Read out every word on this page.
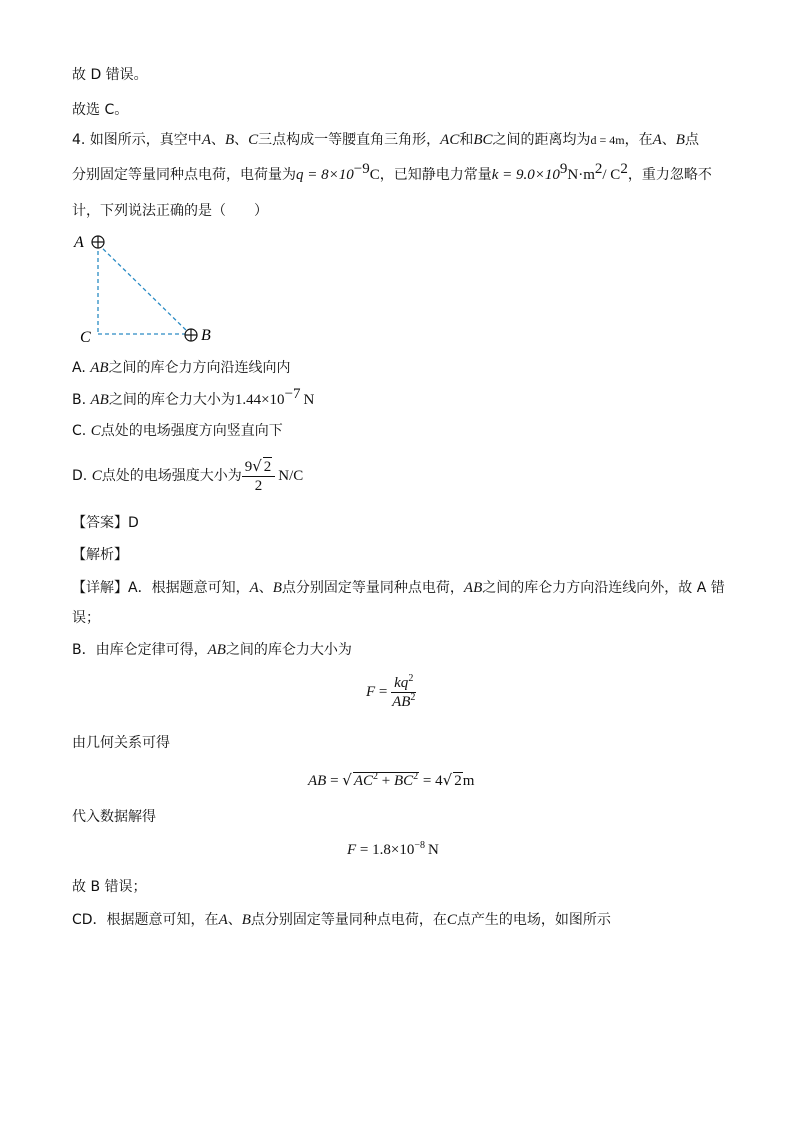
故 D 错误。
故选 C。
4. 如图所示，真空中A、B、C三点构成一等腰直角三角形，AC和BC之间的距离均为d = 4m，在A、B点
分别固定等量同种点电荷，电荷量为$q = 8\times 10^{-9}C$，已知静电力常量$k = 9.0\times 10^9N\cdot m^2/$ $C^2$，重力忽略不
计，下列说法正确的是（　　）
A
B
C
A. AB之间的库仑力方向沿连线向内
B. AB之间的库仑力大小为$1.44\times 10^{-7}$ N
C. C点处的电场强度方向竖直向下
D. C点处的电场强度大小为 $\frac{9√ 2}{2} N/C$
【答案】D
【解析】
【详解】A．根据题意可知，A、B点分别固定等量同种点电荷，AB之间的库仑力方向沿连线向外，故 A 错
误；
B．由库仑定律可得，AB之间的库仑力大小为
$F = \frac{kq^2}{AB^2}$
由几何关系可得
AB = √ $AC^2 + BC^2 = 4√$ 2m
代入数据解得
$F = 1.8\times 10^{-8}$ N
故 B 错误；
CD．根据题意可知，在A、B点分别固定等量同种点电荷，在C点产生的电场，如图所示
